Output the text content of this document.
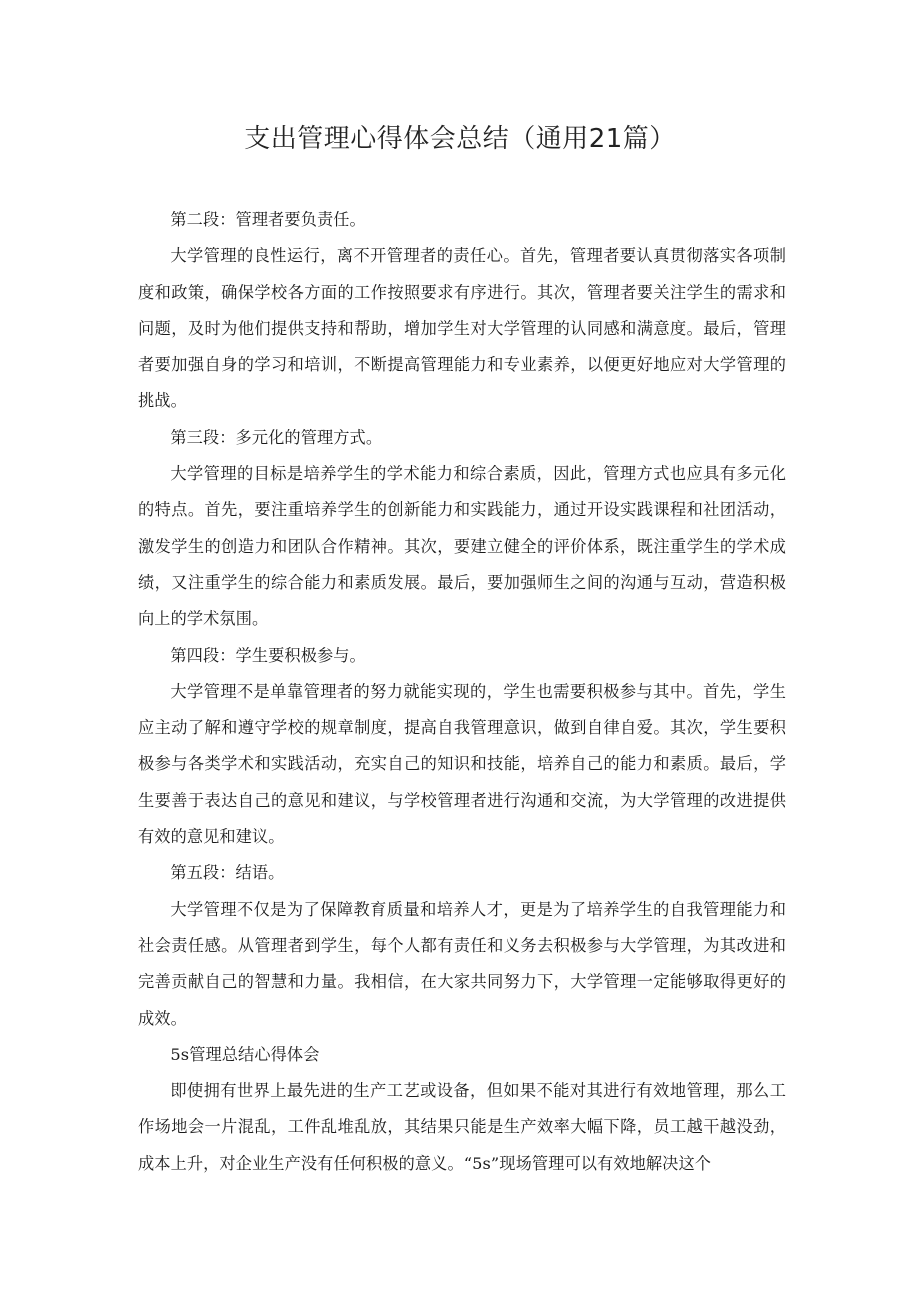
支出管理心得体会总结（通用21篇）

第二段：管理者要负责任。

大学管理的良性运行，离不开管理者的责任心。首先，管理者要认真贯彻落实各项制度和政策，确保学校各方面的工作按照要求有序进行。其次，管理者要关注学生的需求和问题，及时为他们提供支持和帮助，增加学生对大学管理的认同感和满意度。最后，管理者要加强自身的学习和培训，不断提高管理能力和专业素养，以便更好地应对大学管理的挑战。

第三段：多元化的管理方式。

大学管理的目标是培养学生的学术能力和综合素质，因此，管理方式也应具有多元化的特点。首先，要注重培养学生的创新能力和实践能力，通过开设实践课程和社团活动，激发学生的创造力和团队合作精神。其次，要建立健全的评价体系，既注重学生的学术成绩，又注重学生的综合能力和素质发展。最后，要加强师生之间的沟通与互动，营造积极向上的学术氛围。

第四段：学生要积极参与。

大学管理不是单靠管理者的努力就能实现的，学生也需要积极参与其中。首先，学生应主动了解和遵守学校的规章制度，提高自我管理意识，做到自律自爱。其次，学生要积极参与各类学术和实践活动，充实自己的知识和技能，培养自己的能力和素质。最后，学生要善于表达自己的意见和建议，与学校管理者进行沟通和交流，为大学管理的改进提供有效的意见和建议。

第五段：结语。

大学管理不仅是为了保障教育质量和培养人才，更是为了培养学生的自我管理能力和社会责任感。从管理者到学生，每个人都有责任和义务去积极参与大学管理，为其改进和完善贡献自己的智慧和力量。我相信，在大家共同努力下，大学管理一定能够取得更好的成效。

5s管理总结心得体会

即使拥有世界上最先进的生产工艺或设备，但如果不能对其进行有效地管理，那么工作场地会一片混乱，工件乱堆乱放，其结果只能是生产效率大幅下降，员工越干越没劲，成本上升，对企业生产没有任何积极的意义。“5s”现场管理可以有效地解决这个
